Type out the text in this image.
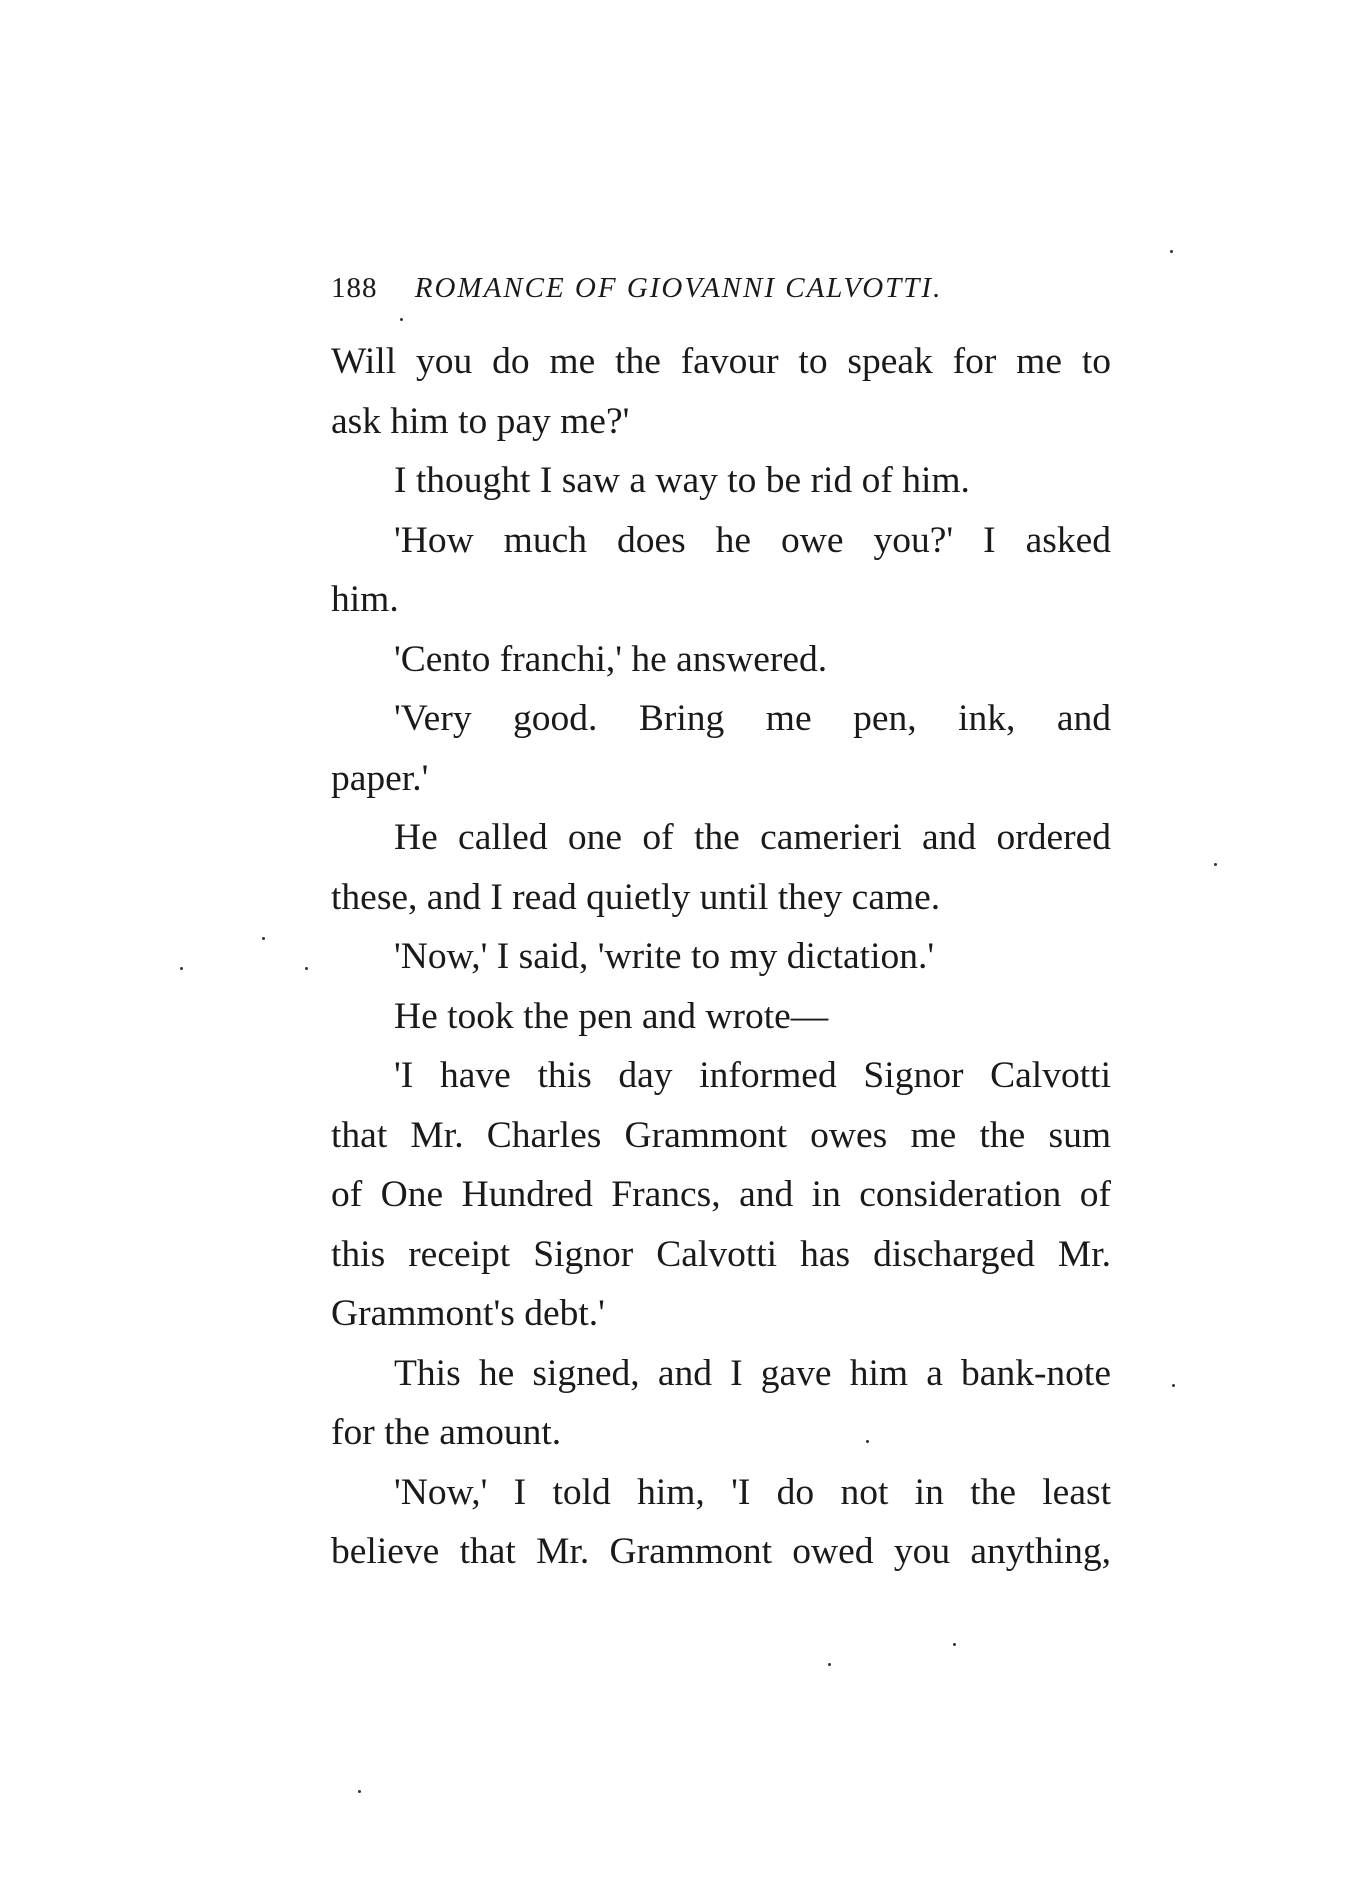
188 ROMANCE OF GIOVANNI CALVOTTI.
Will you do me the favour to speak for me to
ask him to pay me?'
I thought I saw a way to be rid of him.
'How much does he owe you?' I asked
him.
'Cento franchi,' he answered.
'Very good. Bring me pen, ink, and
paper.'
He called one of the camerieri and ordered
these, and I read quietly until they came.
'Now,' I said, 'write to my dictation.'
He took the pen and wrote—
'I have this day informed Signor Calvotti
that Mr. Charles Grammont owes me the sum
of One Hundred Francs, and in consideration of
this receipt Signor Calvotti has discharged Mr.
Grammont's debt.'
This he signed, and I gave him a bank-note
for the amount.
'Now,' I told him, 'I do not in the least
believe that Mr. Grammont owed you anything,
